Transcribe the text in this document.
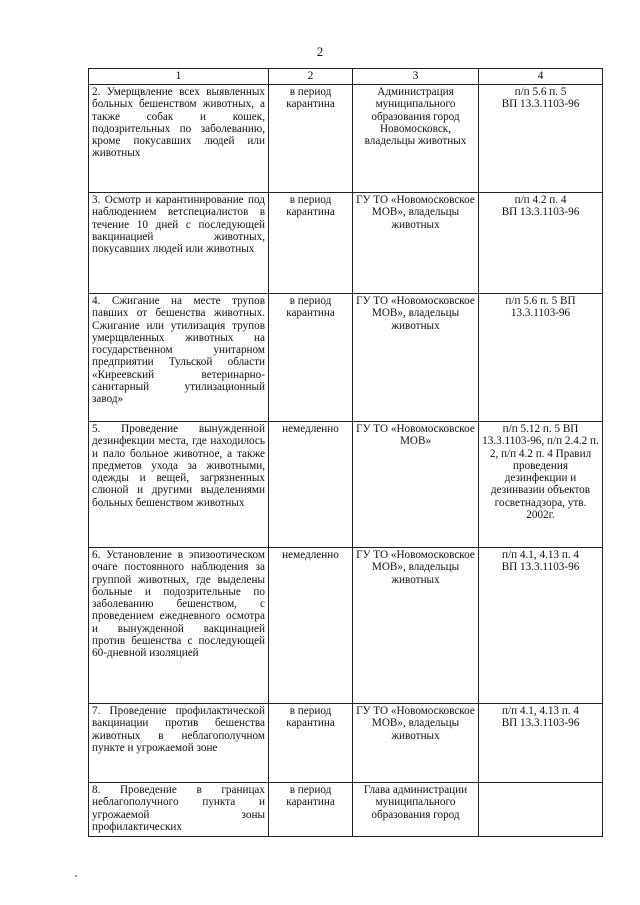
2
1	2	3	4

2. Умерщвление всех выявленных больных бешенством животных, а также собак и кошек, подозрительных по заболеванию, кроме покусавших людей или животных	в период
карантина	Администрация муниципального образования город Новомосковск, владельцы животных	п/п 5.6 п. 5
ВП 13.3.1103-96

3. Осмотр и карантинирование под наблюдением ветспециалистов в течение 10 дней с последующей вакцинацией животных, покусавших людей или животных	в период
карантина	ГУ ТО «Новомосковское МОВ», владельцы животных	п/п 4.2 п. 4
ВП 13.3.1103-96

4. Сжигание на месте трупов павших от бешенства животных. Сжигание или утилизация трупов умерщвленных животных на государственном унитарном предприятии Тульской области «Киреевский ветеринарно-санитарный утилизационный завод»	в период
карантина	ГУ ТО «Новомосковское МОВ», владельцы животных	п/п 5.6 п. 5 ВП 13.3.1103-96

5. Проведение вынужденной дезинфекции места, где находилось и пало больное животное, а также предметов ухода за животными, одежды и вещей, загрязненных слюной и другими выделениями больных бешенством животных	немедленно	ГУ ТО «Новомосковское МОВ»	п/п 5.12 п. 5 ВП 13.3.1103-96, п/п 2.4.2 п. 2, п/п 4.2 п. 4 Правил проведения дезинфекции и дезинвазии объектов госветнадзора, утв. 2002г.

6. Установление в эпизоотическом очаге постоянного наблюдения за группой животных, где выделены больные и подозрительные по заболеванию бешенством, с проведением ежедневного осмотра и вынужденной вакцинацией против бешенства с последующей 60-дневной изоляцией	немедленно	ГУ ТО «Новомосковское МОВ», владельцы животных	п/п 4.1, 4.13 п. 4
ВП 13.3.1103-96

7. Проведение профилактической вакцинации против бешенства животных в неблагополучном пункте и угрожаемой зоне	в период
карантина	ГУ ТО «Новомосковское МОВ», владельцы животных	п/п 4.1, 4.13 п. 4
ВП 13.3.1103-96

8. Проведение в границах неблагополучного пункта и угрожаемой зоны профилактических	в период
карантина	Глава администрации муниципального образования город	
